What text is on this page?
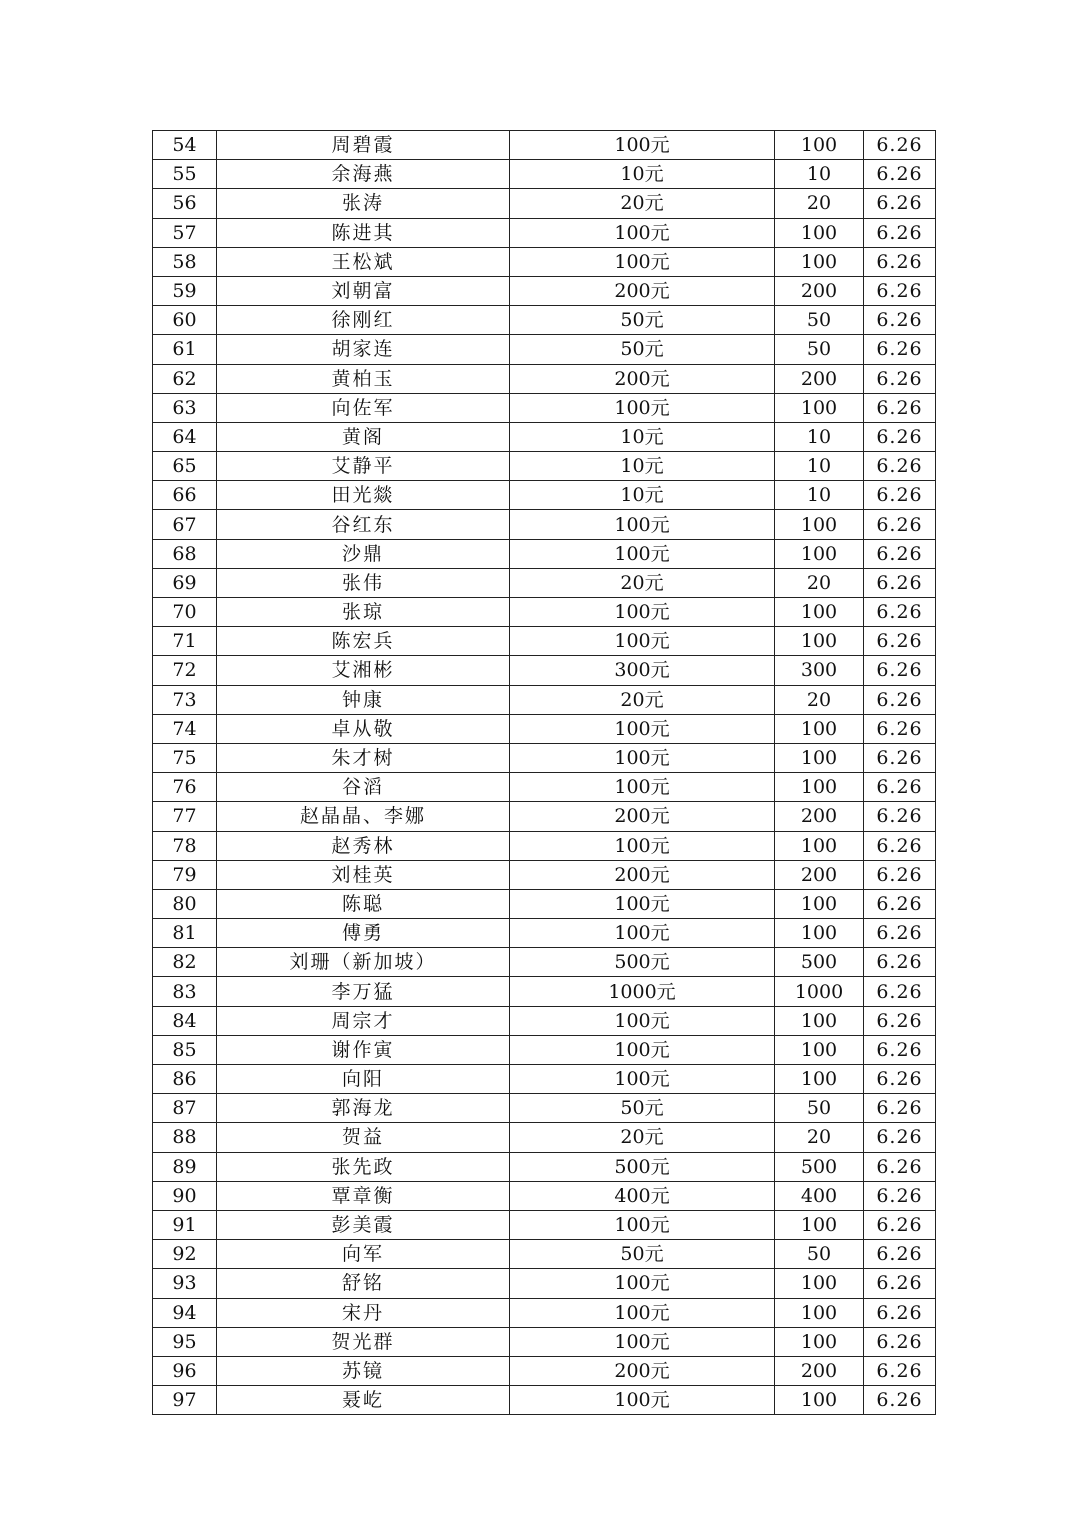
54	周碧霞	100元	100	6.26
55	余海燕	10元	10	6.26
56	张涛	20元	20	6.26
57	陈进其	100元	100	6.26
58	王松斌	100元	100	6.26
59	刘朝富	200元	200	6.26
60	徐刚红	50元	50	6.26
61	胡家连	50元	50	6.26
62	黄柏玉	200元	200	6.26
63	向佐军	100元	100	6.26
64	黄阁	10元	10	6.26
65	艾静平	10元	10	6.26
66	田光燚	10元	10	6.26
67	谷红东	100元	100	6.26
68	沙鼎	100元	100	6.26
69	张伟	20元	20	6.26
70	张琼	100元	100	6.26
71	陈宏兵	100元	100	6.26
72	艾湘彬	300元	300	6.26
73	钟康	20元	20	6.26
74	卓从敬	100元	100	6.26
75	朱才树	100元	100	6.26
76	谷滔	100元	100	6.26
77	赵晶晶、李娜	200元	200	6.26
78	赵秀林	100元	100	6.26
79	刘桂英	200元	200	6.26
80	陈聪	100元	100	6.26
81	傅勇	100元	100	6.26
82	刘珊（新加坡）	500元	500	6.26
83	李万猛	1000元	1000	6.26
84	周宗才	100元	100	6.26
85	谢作寅	100元	100	6.26
86	向阳	100元	100	6.26
87	郭海龙	50元	50	6.26
88	贺益	20元	20	6.26
89	张先政	500元	500	6.26
90	覃章衡	400元	400	6.26
91	彭美霞	100元	100	6.26
92	向军	50元	50	6.26
93	舒铭	100元	100	6.26
94	宋丹	100元	100	6.26
95	贺光群	100元	100	6.26
96	苏镜	200元	200	6.26
97	聂屹	100元	100	6.26
